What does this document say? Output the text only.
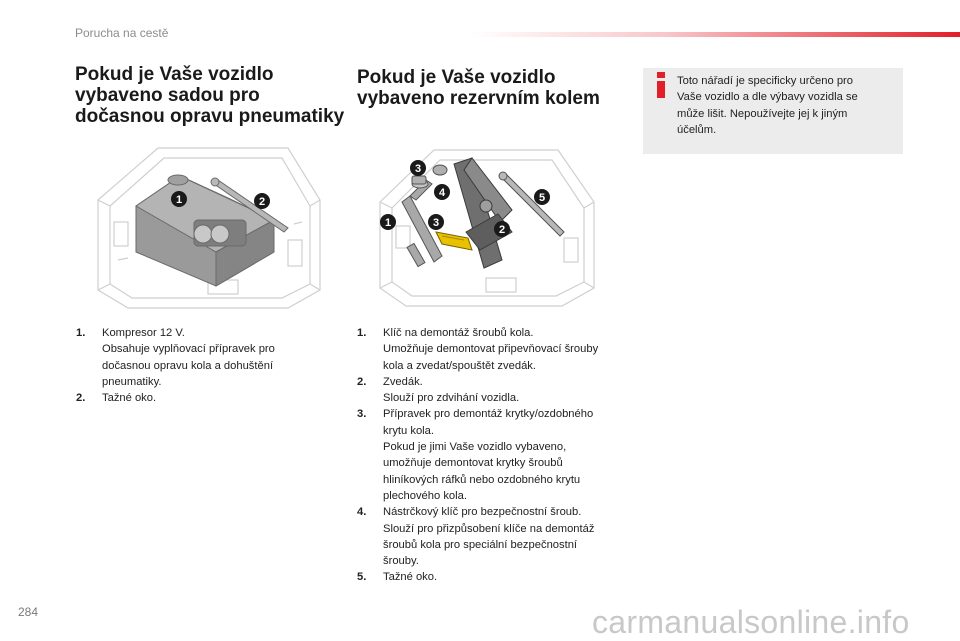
Porucha na cestě
Pokud je Vaše vozidlo
vybaveno sadou pro
dočasnou opravu pneumatiky
1	2
1. Kompresor 12 V.
Obsahuje vyplňovací přípravek pro
dočasnou opravu kola a dohuštění
pneumatiky.
2. Tažné oko.
Pokud je Vaše vozidlo
vybaveno rezervním kolem
3
4
1	3
2
5
1. Klíč na demontáž šroubů kola.
Umožňuje demontovat připevňovací šrouby
kola a zvedat/spouštět zvedák.
2. Zvedák.
Slouží pro zdvihání vozidla.
3. Přípravek pro demontáž krytky/ozdobného
krytu kola.
Pokud je jimi Vaše vozidlo vybaveno,
umožňuje demontovat krytky šroubů
hliníkových ráfků nebo ozdobného krytu
plechového kola.
4. Nástrčkový klíč pro bezpečnostní šroub.
Slouží pro přizpůsobení klíče na demontáž
šroubů kola pro speciální bezpečnostní
šrouby.
5. Tažné oko.
Toto nářadí je specificky určeno pro
Vaše vozidlo a dle výbavy vozidla se
může lišit. Nepoužívejte jej k jiným
účelům.
284	carmanualsonline.info
